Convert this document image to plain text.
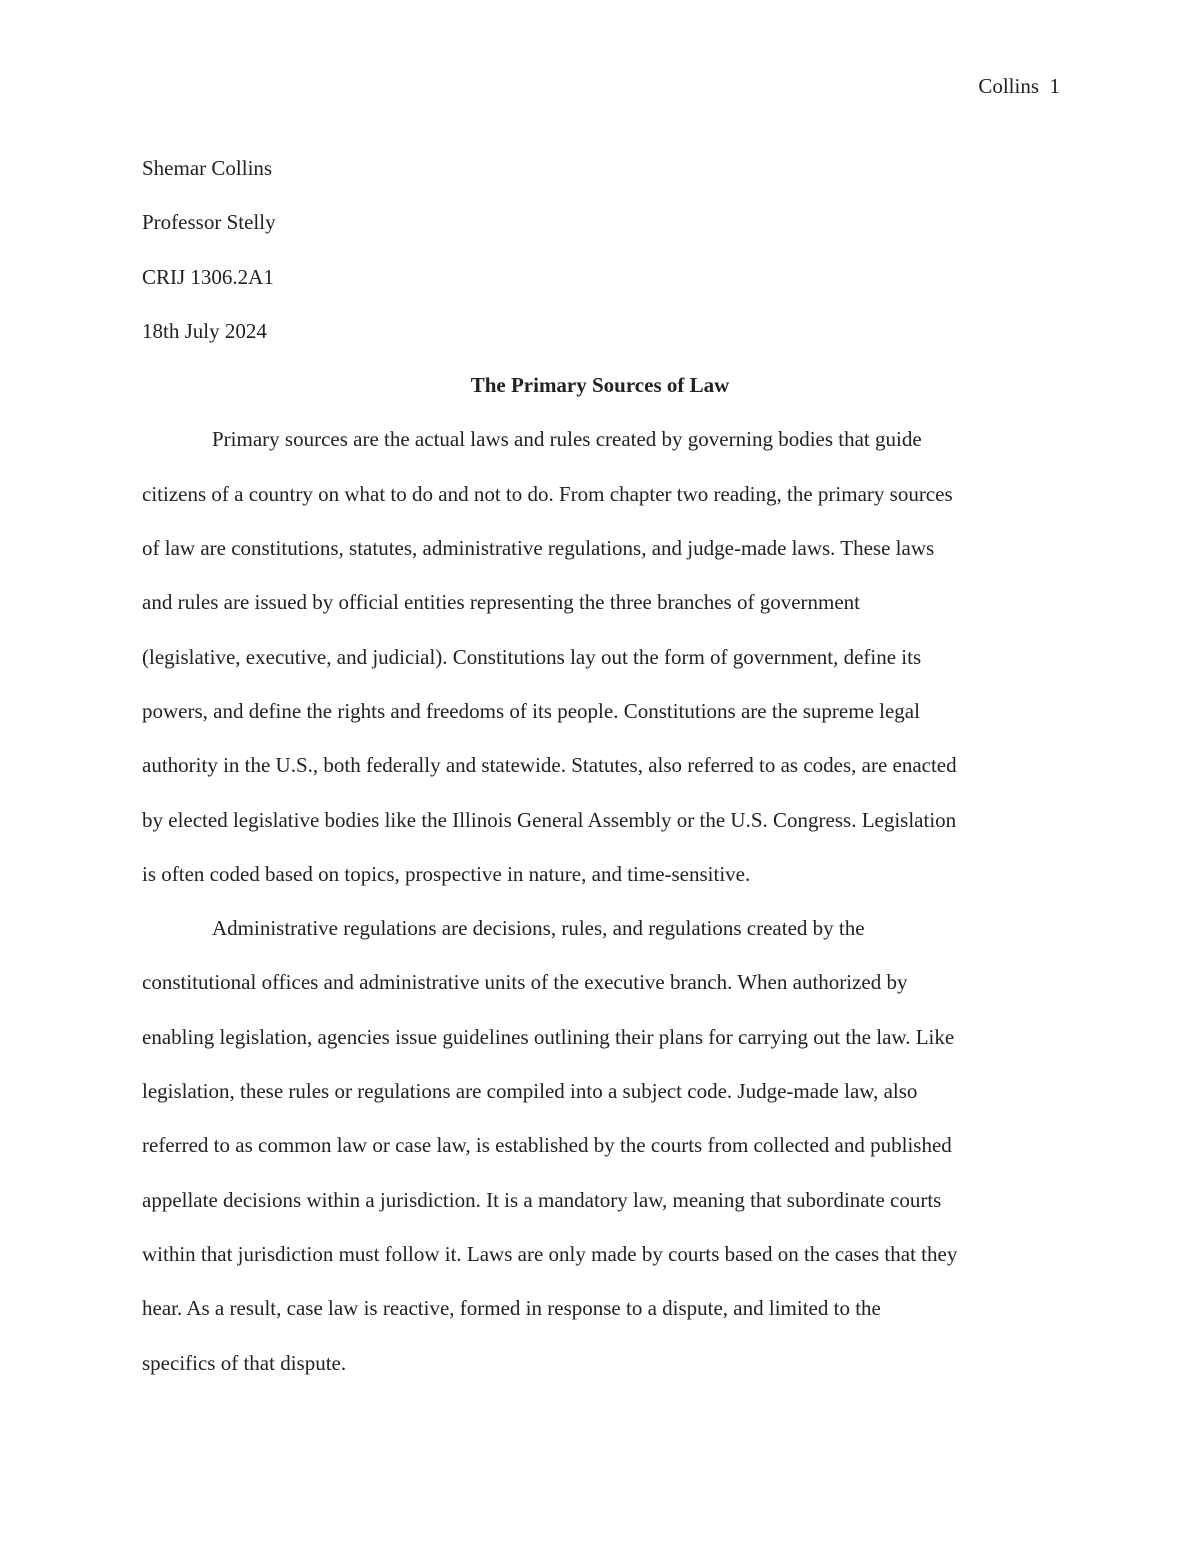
Collins 1

Shemar Collins

Professor Stelly

CRIJ 1306.2A1

18th July 2024

The Primary Sources of Law

Primary sources are the actual laws and rules created by governing bodies that guide
citizens of a country on what to do and not to do. From chapter two reading, the primary sources
of law are constitutions, statutes, administrative regulations, and judge-made laws. These laws
and rules are issued by official entities representing the three branches of government
(legislative, executive, and judicial). Constitutions lay out the form of government, define its
powers, and define the rights and freedoms of its people. Constitutions are the supreme legal
authority in the U.S., both federally and statewide. Statutes, also referred to as codes, are enacted
by elected legislative bodies like the Illinois General Assembly or the U.S. Congress. Legislation
is often coded based on topics, prospective in nature, and time-sensitive.

Administrative regulations are decisions, rules, and regulations created by the
constitutional offices and administrative units of the executive branch. When authorized by
enabling legislation, agencies issue guidelines outlining their plans for carrying out the law. Like
legislation, these rules or regulations are compiled into a subject code. Judge-made law, also
referred to as common law or case law, is established by the courts from collected and published
appellate decisions within a jurisdiction. It is a mandatory law, meaning that subordinate courts
within that jurisdiction must follow it. Laws are only made by courts based on the cases that they
hear. As a result, case law is reactive, formed in response to a dispute, and limited to the
specifics of that dispute.
